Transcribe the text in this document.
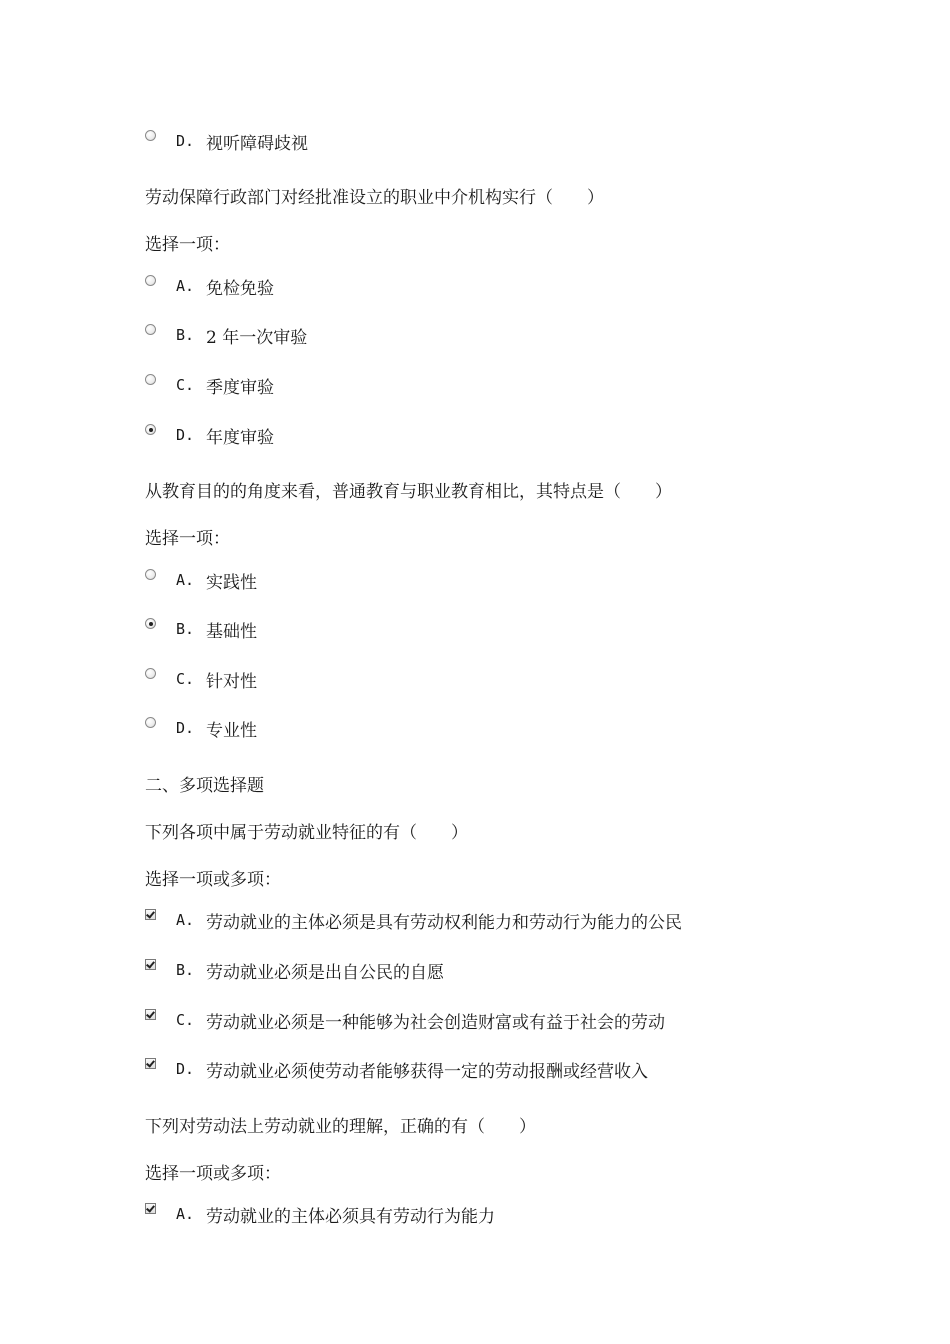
D. 视听障碍歧视
劳动保障行政部门对经批准设立的职业中介机构实行（　　）
选择一项：
A. 免检免验
B. 2 年一次审验
C. 季度审验
D. 年度审验
从教育目的的角度来看，普通教育与职业教育相比，其特点是（　　）
选择一项：
A. 实践性
B. 基础性
C. 针对性
D. 专业性
二、多项选择题
下列各项中属于劳动就业特征的有（　　）
选择一项或多项：
A. 劳动就业的主体必须是具有劳动权利能力和劳动行为能力的公民
B. 劳动就业必须是出自公民的自愿
C. 劳动就业必须是一种能够为社会创造财富或有益于社会的劳动
D. 劳动就业必须使劳动者能够获得一定的劳动报酬或经营收入
下列对劳动法上劳动就业的理解，正确的有（　　）
选择一项或多项：
A. 劳动就业的主体必须具有劳动行为能力
